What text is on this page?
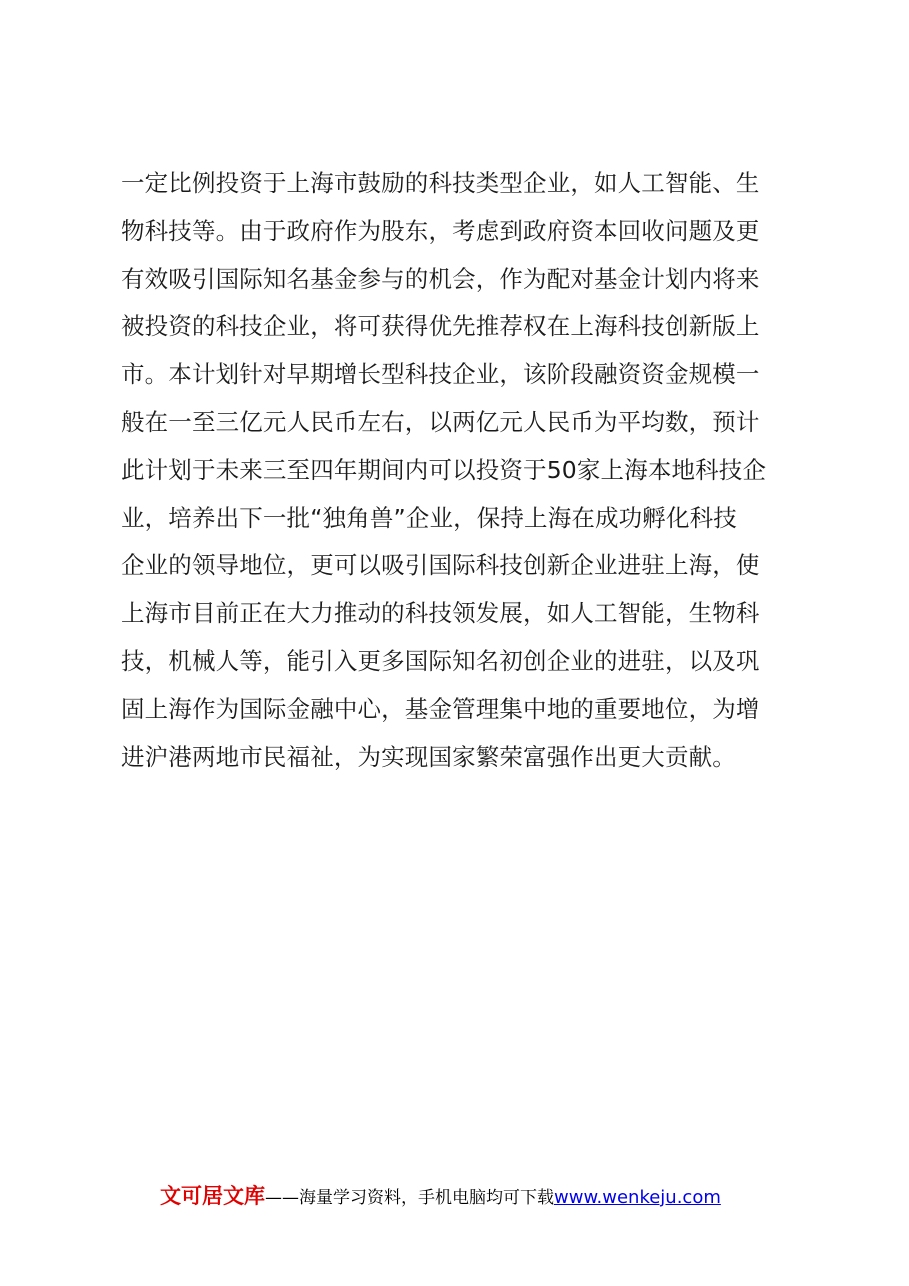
一定比例投资于上海市鼓励的科技类型企业，如人工智能、生
物科技等。由于政府作为股东，考虑到政府资本回收问题及更
有效吸引国际知名基金参与的机会，作为配对基金计划内将来
被投资的科技企业，将可获得优先推荐权在上海科技创新版上
市。本计划针对早期增长型科技企业，该阶段融资资金规模一
般在一至三亿元人民币左右，以两亿元人民币为平均数，预计
此计划于未来三至四年期间内可以投资于50家上海本地科技企
业，培养出下一批“独角兽”企业，保持上海在成功孵化科技
企业的领导地位，更可以吸引国际科技创新企业进驻上海，使
上海市目前正在大力推动的科技领发展，如人工智能，生物科
技，机械人等，能引入更多国际知名初创企业的进驻，以及巩
固上海作为国际金融中心，基金管理集中地的重要地位，为增
进沪港两地市民福祉，为实现国家繁荣富强作出更大贡献。
文可居文库——海量学习资料，手机电脑均可下载www.wenkeju.com
